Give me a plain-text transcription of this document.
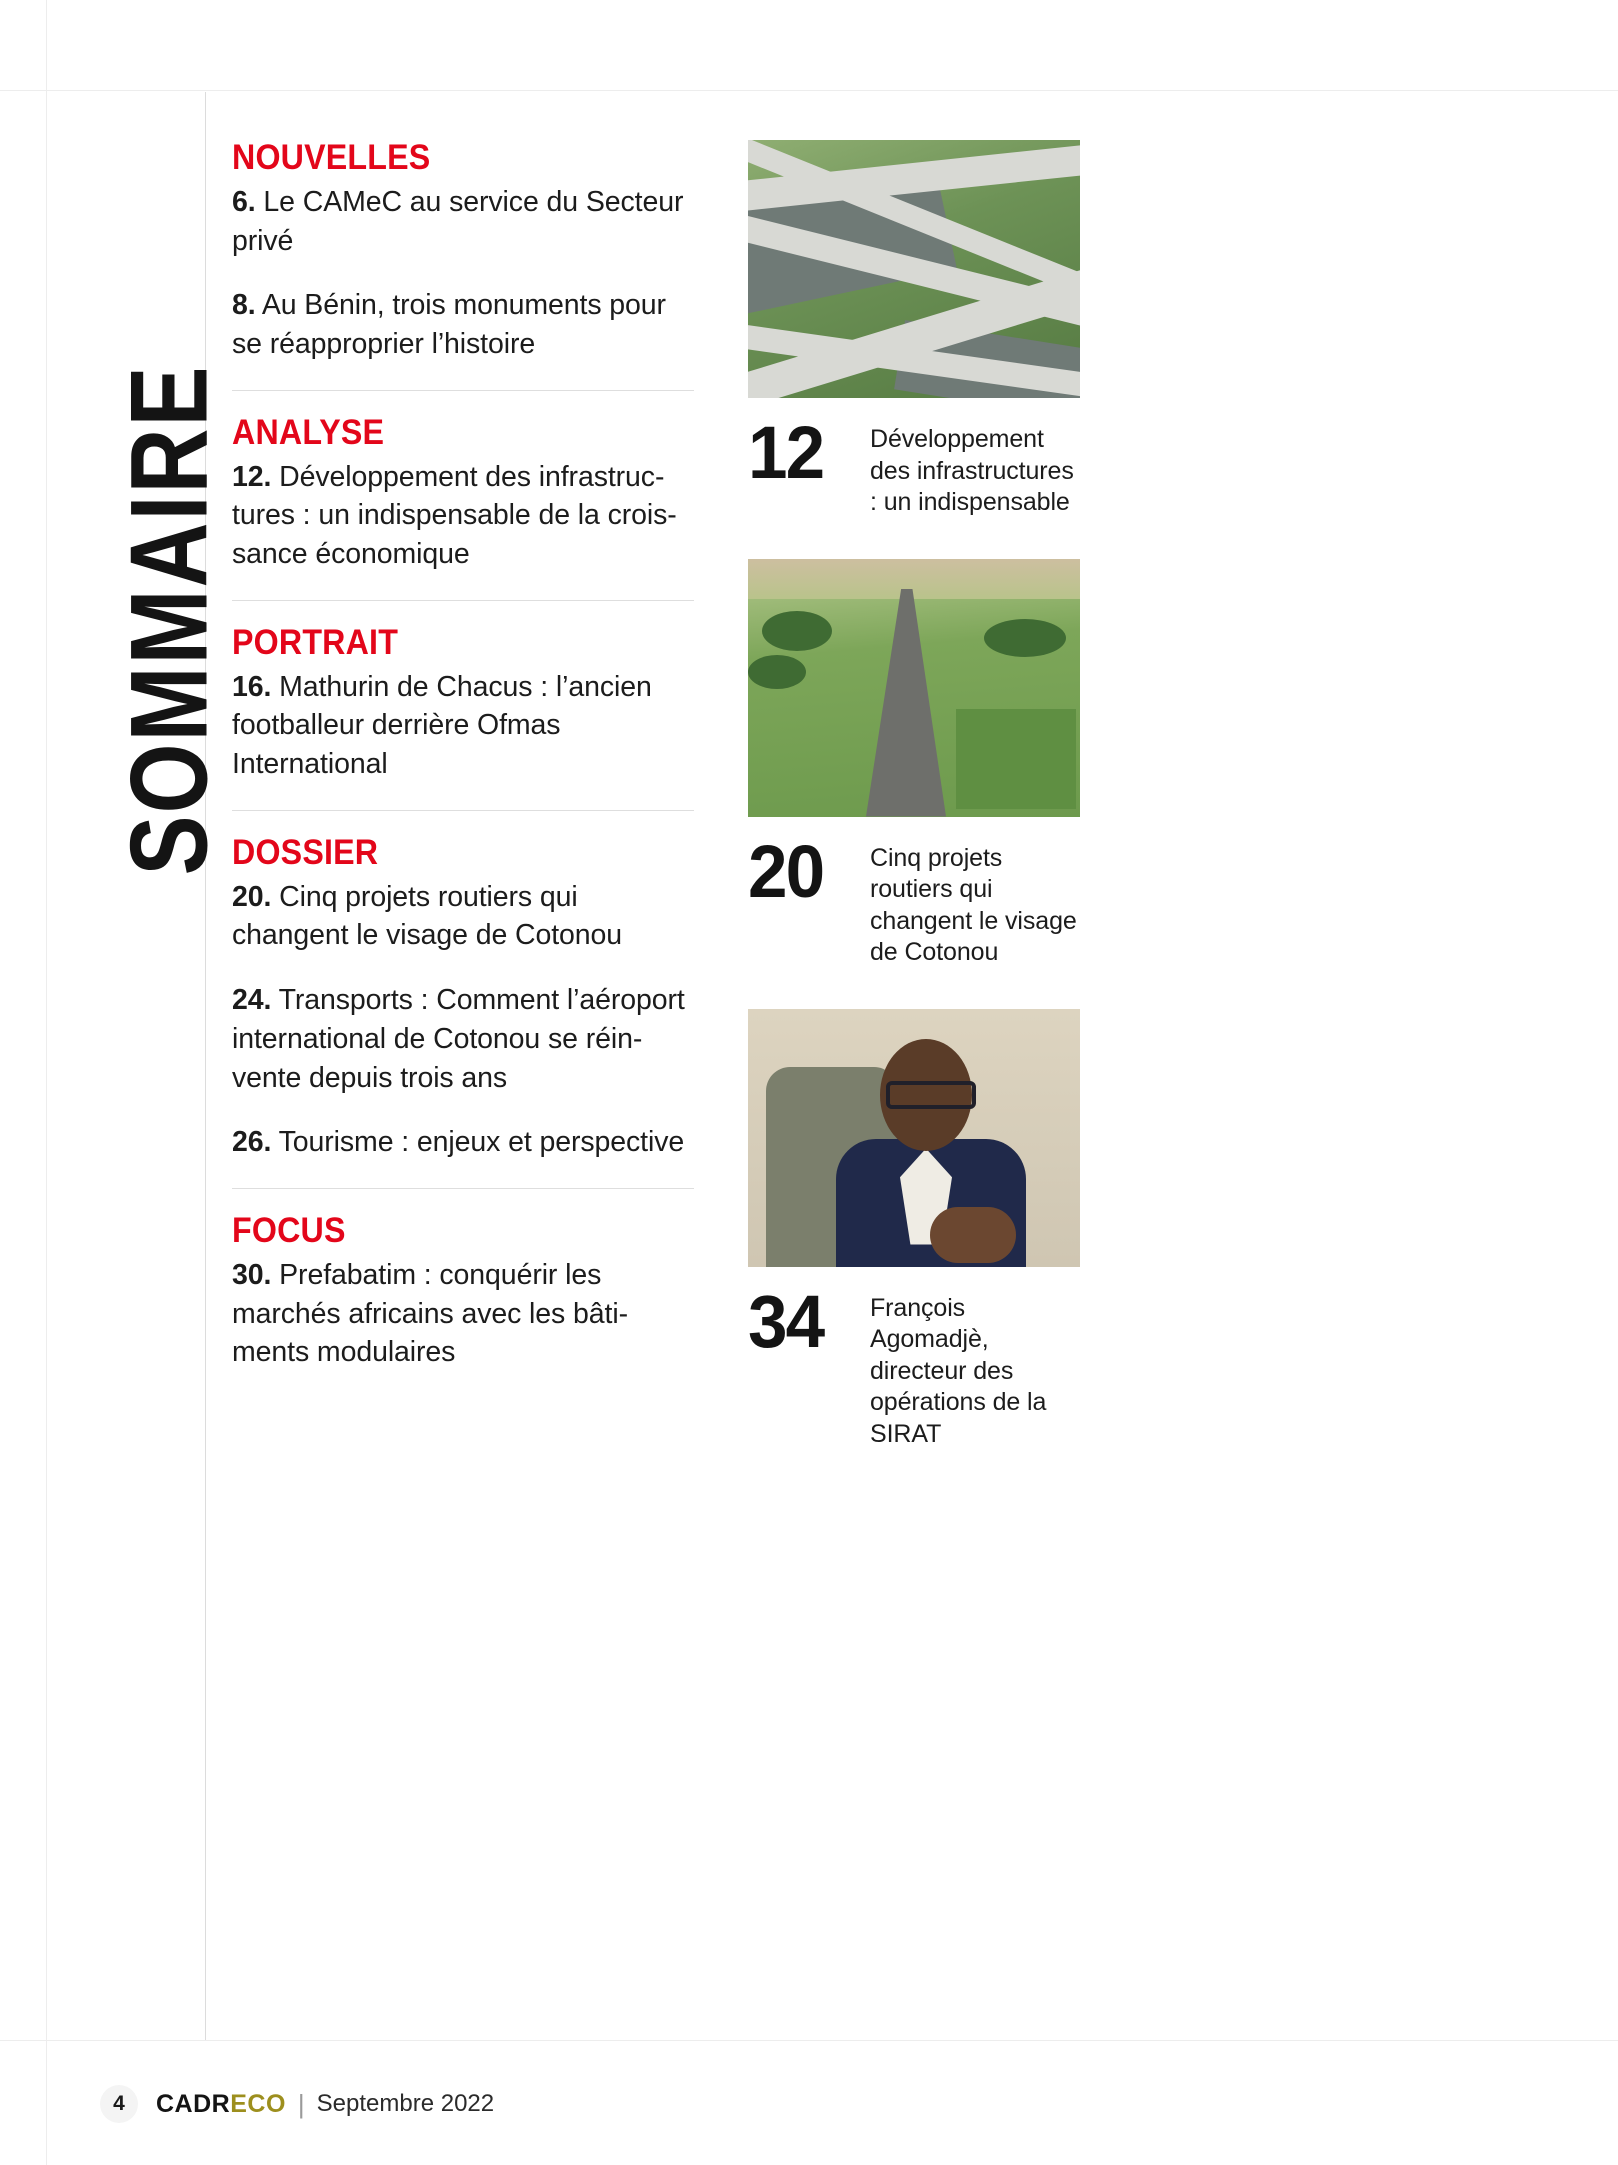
SOMMAIRE
NOUVELLES

6. Le CAMeC au service du Secteur privé

8. Au Bénin, trois monuments pour se réapproprier l’histoire

ANALYSE

12. Développement des infrastruc-tures : un indispensable de la crois-sance économique

PORTRAIT

16. Mathurin de Chacus : l’ancien footballeur derrière Ofmas International

DOSSIER

20. Cinq projets routiers qui changent le visage de Cotonou

24. Transports : Comment l’aéroport international de Cotonou se réin-vente depuis trois ans

26. Tourisme : enjeux et perspective

FOCUS

30. Prefabatim : conquérir les marchés africains avec les bâti-ments modulaires

12	Développement des infrastructures : un indispensable
20	Cinq projets routiers qui changent le visage de Cotonou
34	François Agomadjè, directeur des opérations de la SIRAT
4	CADRECO | Septembre 2022
